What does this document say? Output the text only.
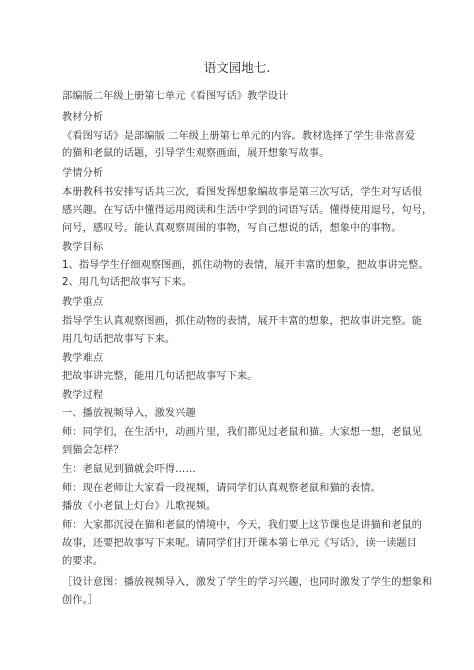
语文园地七.
部编版二年级上册第七单元《看图写话》教学设计
教材分析
《看图写话》是部编版 二年级上册第七单元的内容。教材选择了学生非常喜爱
的猫和老鼠的话题，引导学生观察画面，展开想象写故事。
学情分析
本册教科书安排写话共三次，看图发挥想象编故事是第三次写话，学生对写话很
感兴趣。在写话中懂得运用阅读和生活中学到的词语写话。懂得使用逗号，句号，
问号，感叹号。能认真观察周围的事物，写自己想说的话，想象中的事物。
教学目标
1、指导学生仔细观察图画，抓住动物的表情，展开丰富的想象，把故事讲完整。
2、用几句话把故事写下来。
教学重点
指导学生认真观察图画，抓住动物的表情，展开丰富的想象，把故事讲完整。能
用几句话把故事写下来。
教学难点
把故事讲完整，能用几句话把故事写下来。
教学过程
一、播放视频导入，激发兴趣
师：同学们，在生活中，动画片里，我们都见过老鼠和猫。大家想一想，老鼠见
到猫会怎样？
生：老鼠见到猫就会吓得……
师：现在老师让大家看一段视频，请同学们认真观察老鼠和猫的表情。
播放《小老鼠上灯台》儿歌视频。
师：大家都沉浸在猫和老鼠的情境中，今天，我们要上这节课也是讲猫和老鼠的
故事，还要把故事写下来呢。请同学们打开课本第七单元《写话》，读一读题目
的要求。
［设计意图：播放视频导入，激发了学生的学习兴趣，也同时激发了学生的想象和
创作。］
